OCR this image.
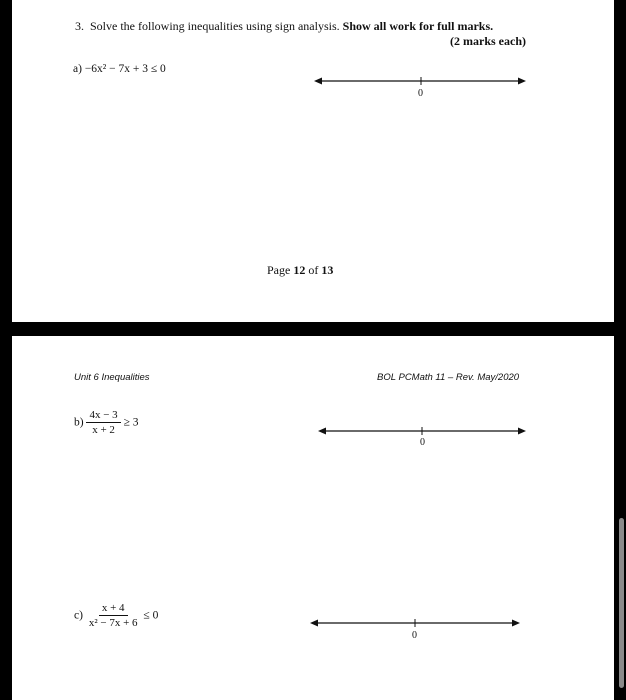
3. Solve the following inequalities using sign analysis. Show all work for full marks.
(2 marks each)
a) −6x² − 7x + 3 ≤ 0
0
Page 12 of 13
Unit 6 Inequalities	BOL PCMath 11 – Rev. May/2020
$b) \frac{4x - 3}{x + 2} \ge 3$
0
$c) \frac{x + 4}{\text{x² − 7x + 6}} \le 0$
0
